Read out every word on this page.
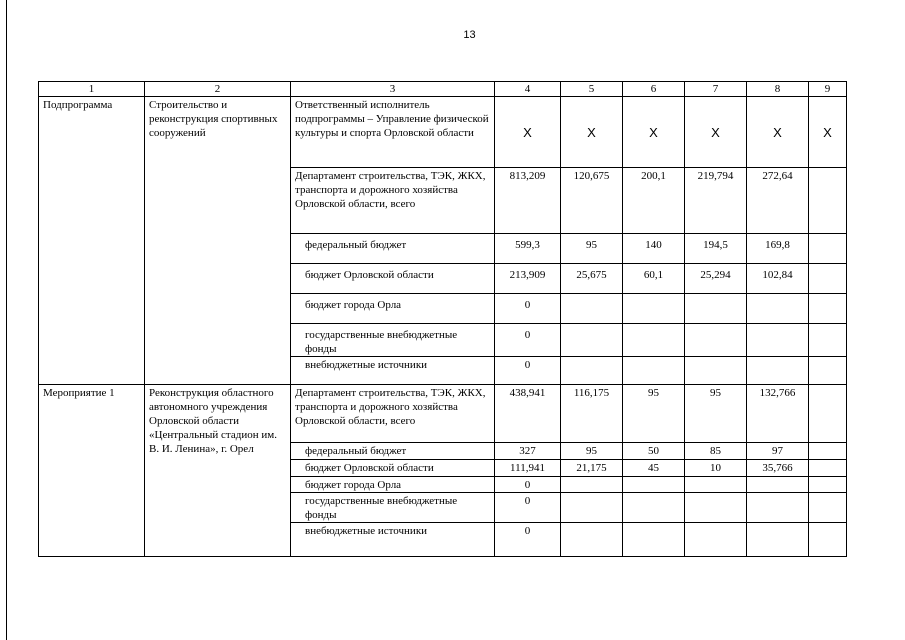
13
1	2	3	4	5	6	7	8	9
Подпрограмма	Строительство и реконструкция спортивных сооружений	Ответственный исполнитель подпрограммы – Управление физической культуры и спорта Орловской области	X	X	X	X	X	X
		Департамент строительства, ТЭК, ЖКХ, транспорта и дорожного хозяйства Орловской области, всего	813,209	120,675	200,1	219,794	272,64	
		федеральный бюджет	599,3	95	140	194,5	169,8	
		бюджет Орловской области	213,909	25,675	60,1	25,294	102,84	
		бюджет города Орла	0					
		государственные внебюджетные фонды	0					
		внебюджетные источники	0					
Мероприятие 1	Реконструкция областного автономного учреждения Орловской области «Центральный стадион им. В. И. Ленина», г. Орел	Департамент строительства, ТЭК, ЖКХ, транспорта и дорожного хозяйства Орловской области, всего	438,941	116,175	95	95	132,766	
		федеральный бюджет	327	95	50	85	97	
		бюджет Орловской области	111,941	21,175	45	10	35,766	
		бюджет города Орла	0					
		государственные внебюджетные фонды	0					
		внебюджетные источники	0					
